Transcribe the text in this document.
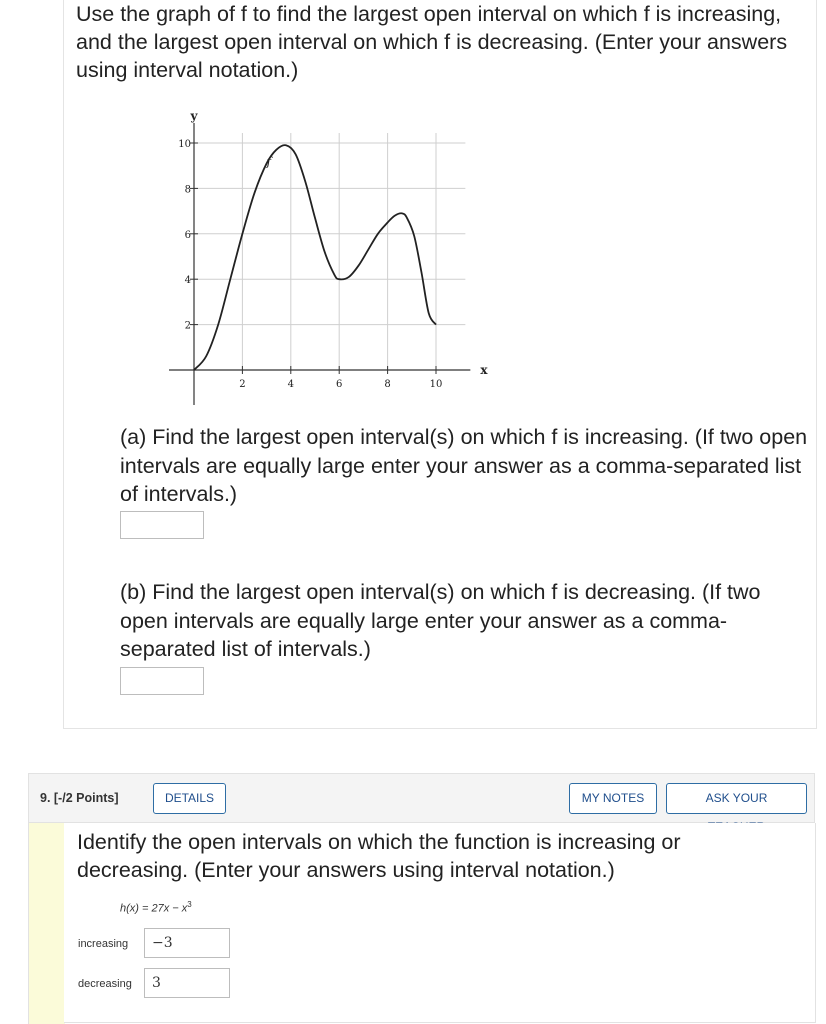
Use the graph of f to find the largest open interval on which f is increasing, and the largest open interval on which f is decreasing. (Enter your answers using interval notation.)
2	4	6	8	10
10
8
6
4
2
y
x
f
(a) Find the largest open interval(s) on which f is increasing. (If two open intervals are equally large enter your answer as a comma-separated list of intervals.)
(b) Find the largest open interval(s) on which f is decreasing. (If two open intervals are equally large enter your answer as a comma-separated list of intervals.)
9. [-/2 Points]	DETAILS	MY NOTES	ASK YOUR
Identify the open intervals on which the function is increasing or decreasing. (Enter your answers using interval notation.)
$h(x) = 27x - x^3$
increasing	−3
decreasing	3
